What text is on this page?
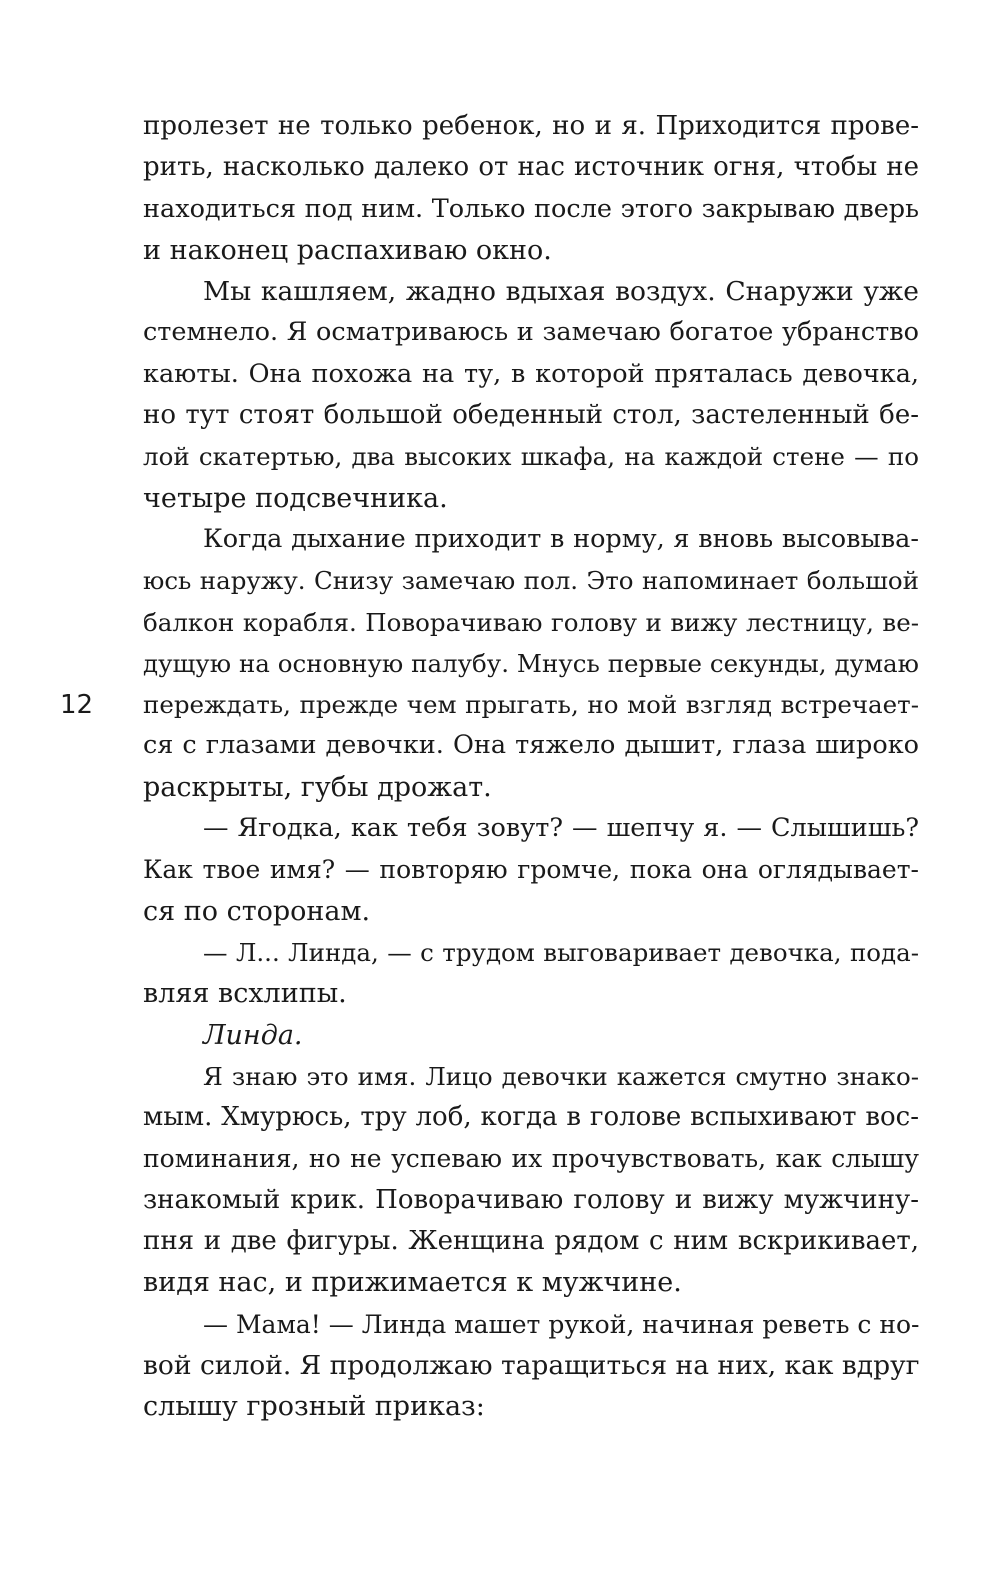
12
пролезет не только ребенок, но и я. Приходится прове-
рить, насколько далеко от нас источник огня, чтобы не
находиться под ним. Только после этого закрываю дверь
и наконец распахиваю окно.
Мы кашляем, жадно вдыхая воздух. Снаружи уже
стемнело. Я осматриваюсь и замечаю богатое убранство
каюты. Она похожа на ту, в которой пряталась девочка,
но тут стоят большой обеденный стол, застеленный бе-
лой скатертью, два высоких шкафа, на каждой стене — по
четыре подсвечника.
Когда дыхание приходит в норму, я вновь высовыва-
юсь наружу. Снизу замечаю пол. Это напоминает большой
балкон корабля. Поворачиваю голову и вижу лестницу, ве-
дущую на основную палубу. Мнусь первые секунды, думаю
переждать, прежде чем прыгать, но мой взгляд встречает-
ся с глазами девочки. Она тяжело дышит, глаза широко
раскрыты, губы дрожат.
— Ягодка, как тебя зовут? — шепчу я. — Слышишь?
Как твое имя? — повторяю громче, пока она оглядывает-
ся по сторонам.
— Л... Линда, — с трудом выговаривает девочка, пода-
вляя всхлипы.
Линда.
Я знаю это имя. Лицо девочки кажется смутно знако-
мым. Хмурюсь, тру лоб, когда в голове вспыхивают вос-
поминания, но не успеваю их прочувствовать, как слышу
знакомый крик. Поворачиваю голову и вижу мужчину-
пня и две фигуры. Женщина рядом с ним вскрикивает,
видя нас, и прижимается к мужчине.
— Мама! — Линда машет рукой, начиная реветь с но-
вой силой. Я продолжаю таращиться на них, как вдруг
слышу грозный приказ:
